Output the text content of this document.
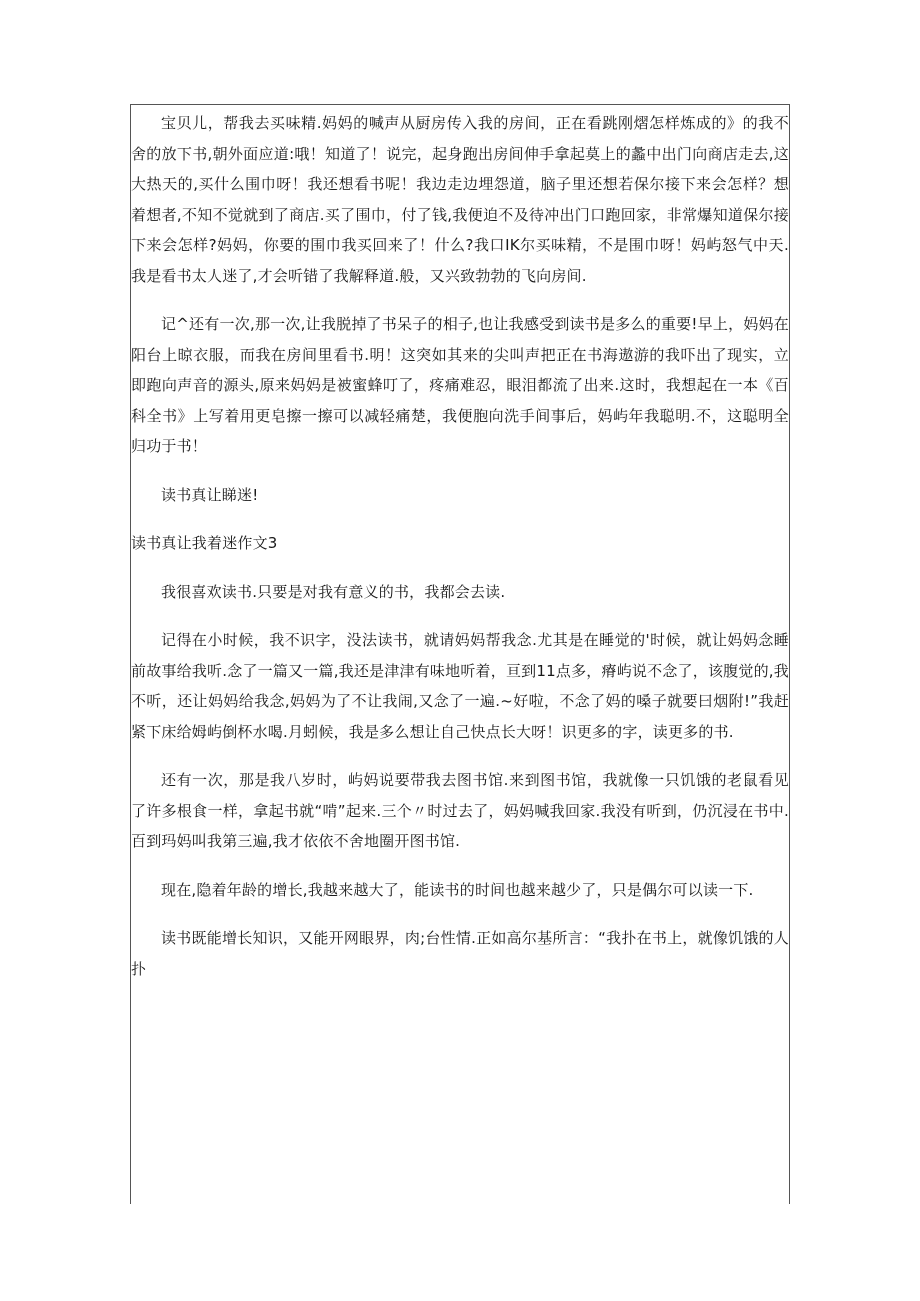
宝贝儿，帮我去买味精.妈妈的喊声从厨房传入我的房间，正在看跳刚熠怎样炼成的》的我不舍的放下书,朝外面应道:哦！知道了！说完，起身跑出房间伸手拿起莫上的蠡中出门向商店走去,这大热天的,买什么围巾呀！我还想看书呢！我边走边埋怨道，脑子里还想若保尔接下来会怎样？想着想者,不知不觉就到了商店.买了围巾，付了钱,我便迫不及待冲出门口跑回家，非常爆知道保尔接下来会怎样?妈妈，你要的围巾我买回来了！什么?我口IK尔买味精，不是围巾呀！妈屿怒气中天.我是看书太人迷了,才会听错了我解释道.般，又兴致勃勃的飞向房间.

记^还有一次,那一次,让我脱掉了书呆子的相子,也让我感受到读书是多么的重要!早上，妈妈在阳台上晾衣服，而我在房间里看书.明！这突如其来的尖叫声把正在书海遨游的我吓出了现实，立即跑向声音的源头,原来妈妈是被蜜蜂叮了，疼痛难忍，眼泪都流了出来.这时，我想起在一本《百科全书》上写着用更皂擦一擦可以减轻痛楚，我便胞向洗手间事后，妈屿年我聪明.不，这聪明全归功于书！

读书真让睇迷!

读书真让我着迷作文3

我很喜欢读书.只要是对我有意义的书，我都会去读.

记得在小时候，我不识字，没法读书，就请妈妈帮我念.尤其是在睡觉的'时候，就让妈妈念睡前故事给我听.念了一篇又一篇,我还是津津有味地听着，亘到11点多，瘠屿说不念了，该腹觉的,我不听，还让妈妈给我念,妈妈为了不让我闹,又念了一遍.~好啦，不念了妈的嗓子就要曰烟附!”我赶紧下床给姆屿倒杯水喝.月蚓候，我是多么想让自己快点长大呀！识更多的字，读更多的书.

还有一次，那是我八岁时，屿妈说要带我去图书馆.来到图书馆，我就像一只饥饿的老鼠看见了许多根食一样，拿起书就“啃”起来.三个〃时过去了，妈妈喊我回家.我没有听到，仍沉浸在书中.百到玛妈叫我第三遍,我才依依不舍地圈开图书馆.

现在,隐着年龄的增长,我越来越大了，能读书的时间也越来越少了，只是偶尔可以读一下.

读书既能增长知识，又能开网眼界，肉;台性情.正如高尔基所言：“我扑在书上，就像饥饿的人扑
